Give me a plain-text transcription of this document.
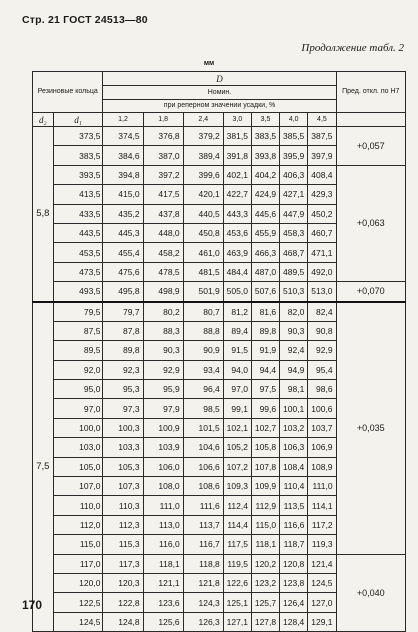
Стр. 21 ГОСТ 24513—80
Продолжение табл. 2
мм
Резиновые кольца		D							Пред. откл. по Н7
		Номин.							
		при реперном значении усадки, %							
d₂	d₁	1,2	1,8	2,4	3,0	3,5	4,0	4,5	
5,8	373,5	374,5	376,8	379,2	381,5	383,5	385,5	387,5	+0,057
	383,5	384,6	387,0	389,4	391,8	393,8	395,9	397,9	
	393,5	394,8	397,2	399,6	402,1	404,2	406,3	408,4	+0,063
	413,5	415,0	417,5	420,1	422,7	424,9	427,1	429,3	
	433,5	435,2	437,8	440,5	443,3	445,6	447,9	450,2	
	443,5	445,3	448,0	450,8	453,6	455,9	458,3	460,7	
	453,5	455,4	458,2	461,0	463,9	466,3	468,7	471,1	
	473,5	475,6	478,5	481,5	484,4	487,0	489,5	492,0	
	493,5	495,8	498,9	501,9	505,0	507,6	510,3	513,0	+0,070
7,5	79,5	79,7	80,2	80,7	81,2	81,6	82,0	82,4	+0,035
	87,5	87,8	88,3	88,8	89,4	89,8	90,3	90,8	
	89,5	89,8	90,3	90,9	91,5	91,9	92,4	92,9	
	92,0	92,3	92,9	93,4	94,0	94,4	94,9	95,4	
	95,0	95,3	95,9	96,4	97,0	97,5	98,1	98,6	
	97,0	97,3	97,9	98,5	99,1	99,6	100,1	100,6	
	100,0	100,3	100,9	101,5	102,1	102,7	103,2	103,7	
	103,0	103,3	103,9	104,6	105,2	105,8	106,3	106,9	
	105,0	105,3	106,0	106,6	107,2	107,8	108,4	108,9	
	107,0	107,3	108,0	108,6	109,3	109,9	110,4	111,0	
	110,0	110,3	111,0	111,6	112,4	112,9	113,5	114,1	
	112,0	112,3	113,0	113,7	114,4	115,0	116,6	117,2	
	115,0	115,3	116,0	116,7	117,5	118,1	118,7	119,3	
	117,0	117,3	118,1	118,8	119,5	120,2	120,8	121,4	+0,040
	120,0	120,3	121,1	121,8	122,6	123,2	123,8	124,5	
	122,5	122,8	123,6	124,3	125,1	125,7	126,4	127,0	
	124,5	124,8	125,6	126,3	127,1	127,8	128,4	129,1	
170
